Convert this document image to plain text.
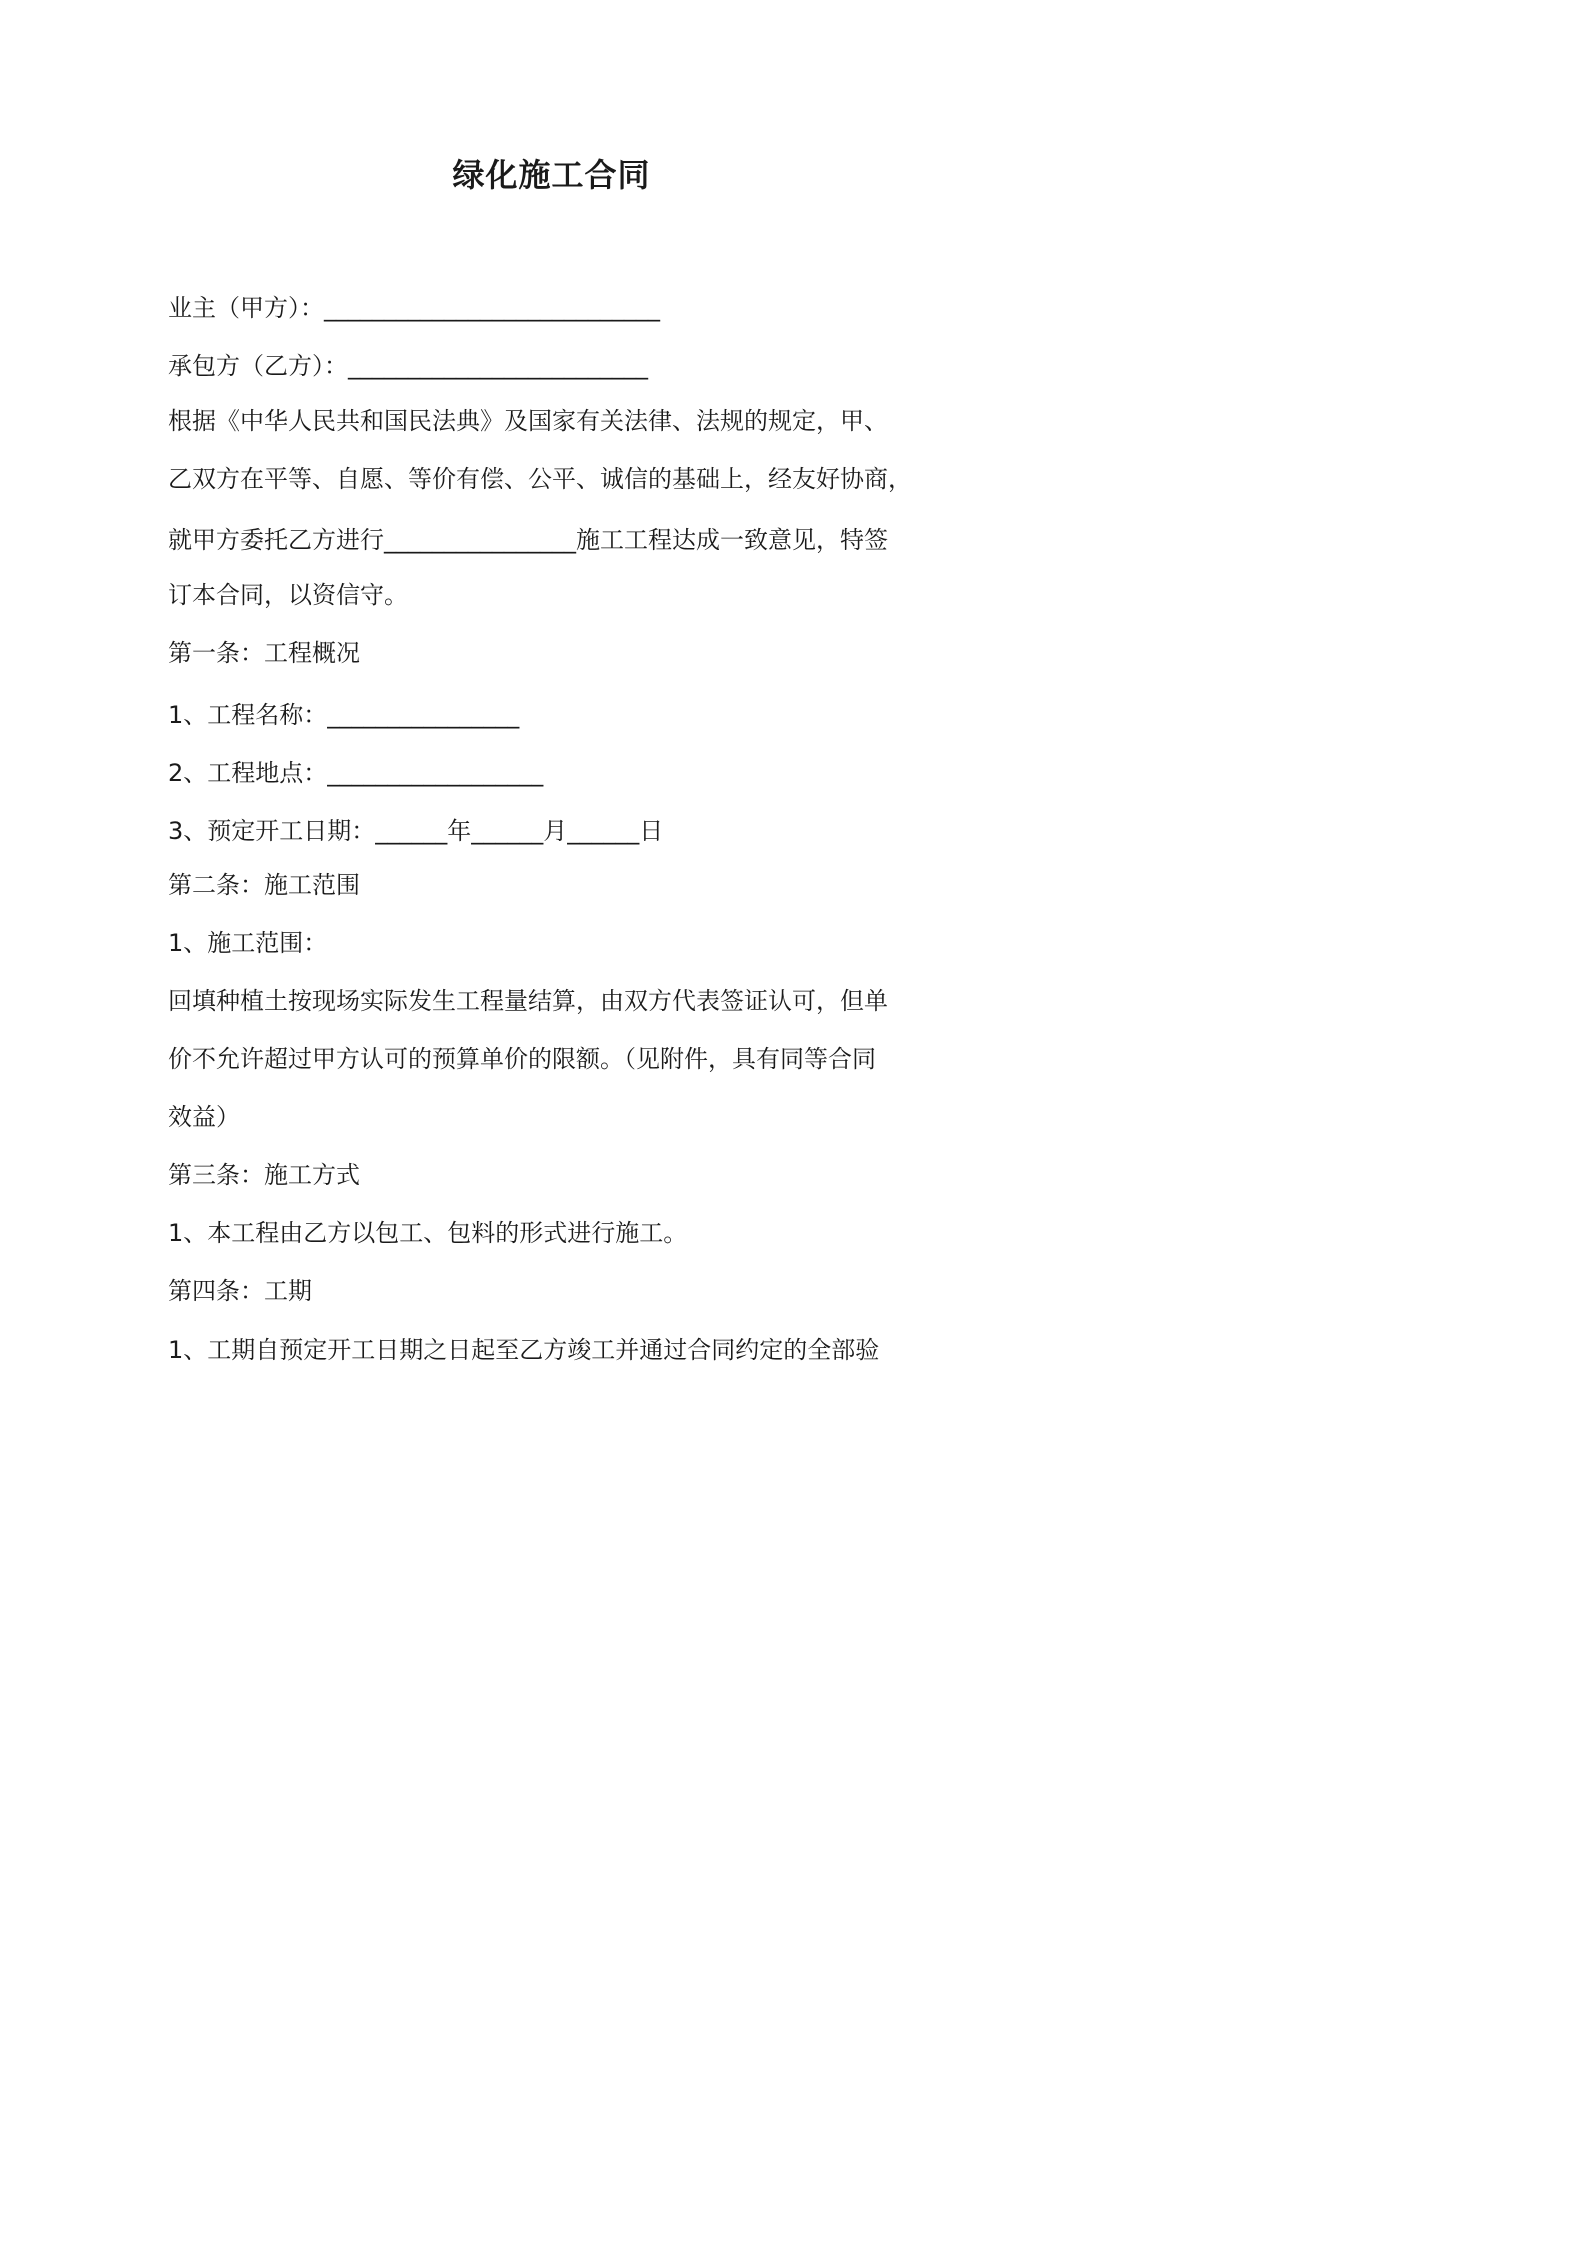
绿化施工合同
业主（甲方）：____________________________
承包方（乙方）：_________________________
根据《中华人民共和国民法典》及国家有关法律、法规的规定，甲、
乙双方在平等、自愿、等价有偿、公平、诚信的基础上，经友好协商，
就甲方委托乙方进行________________施工工程达成一致意见，特签
订本合同，以资信守。
第一条：工程概况
1、工程名称：________________
2、工程地点：__________________
3、预定开工日期：______年______月______日
第二条：施工范围
1、施工范围：
回填种植土按现场实际发生工程量结算，由双方代表签证认可，但单
价不允许超过甲方认可的预算单价的限额。（见附件，具有同等合同
效益）
第三条：施工方式
1、本工程由乙方以包工、包料的形式进行施工。
第四条：工期
1、工期自预定开工日期之日起至乙方竣工并通过合同约定的全部验
